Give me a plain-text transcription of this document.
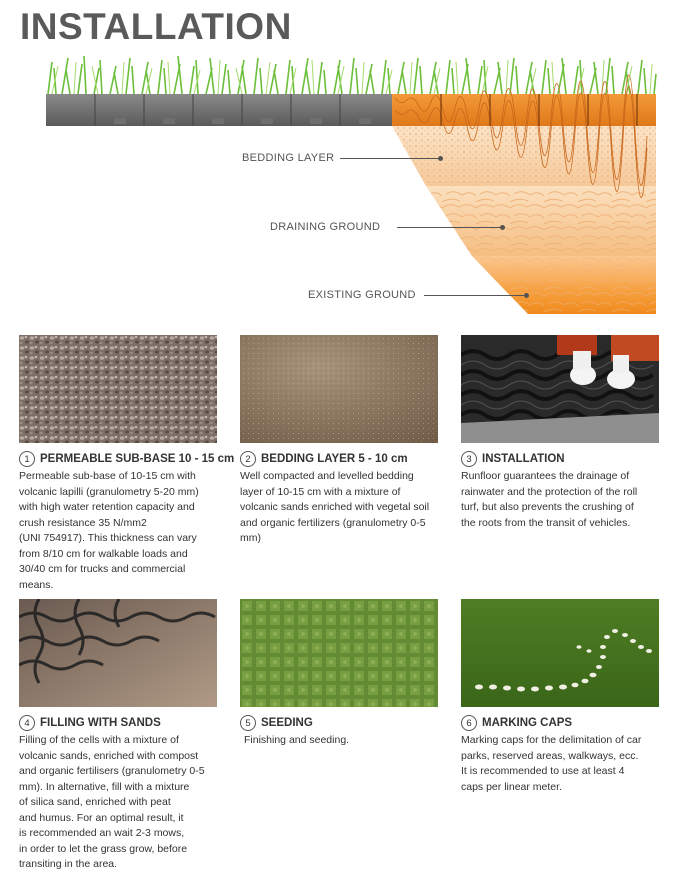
INSTALLATION
BEDDING LAYER
DRAINING GROUND
EXISTING GROUND
1 PERMEABLE SUB-BASE 10 - 15 cm
Permeable sub-base of 10-15 cm with
volcanic lapilli (granulometry 5-20 mm)
with high water retention capacity and
crush resistance 35 N/mm2
(UNI 754917). This thickness can vary
from 8/10 cm for walkable loads and
30/40 cm for trucks and commercial
means.
2 BEDDING LAYER 5 - 10 cm
Well compacted and levelled bedding
layer of 10-15 cm with a mixture of
volcanic sands enriched with vegetal soil
and organic fertilizers (granulometry 0-5
mm)
3 INSTALLATION
Runfloor guarantees the drainage of
rainwater and the protection of the roll
turf, but also prevents the crushing of
the roots from the transit of vehicles.
4 FILLING WITH SANDS
Filling of the cells with a mixture of
volcanic sands, enriched with compost
and organic fertilisers (granulometry 0-5
mm). In alternative, fill with a mixture
of silica sand, enriched with peat
and humus. For an optimal result, it
is recommended an wait 2-3 mows,
in order to let the grass grow, before
transiting in the area.
5 SEEDING
Finishing and seeding.
6 MARKING CAPS
Marking caps for the delimitation of car
parks, reserved areas, walkways, ecc.
It is recommended to use at least 4
caps per linear meter.
